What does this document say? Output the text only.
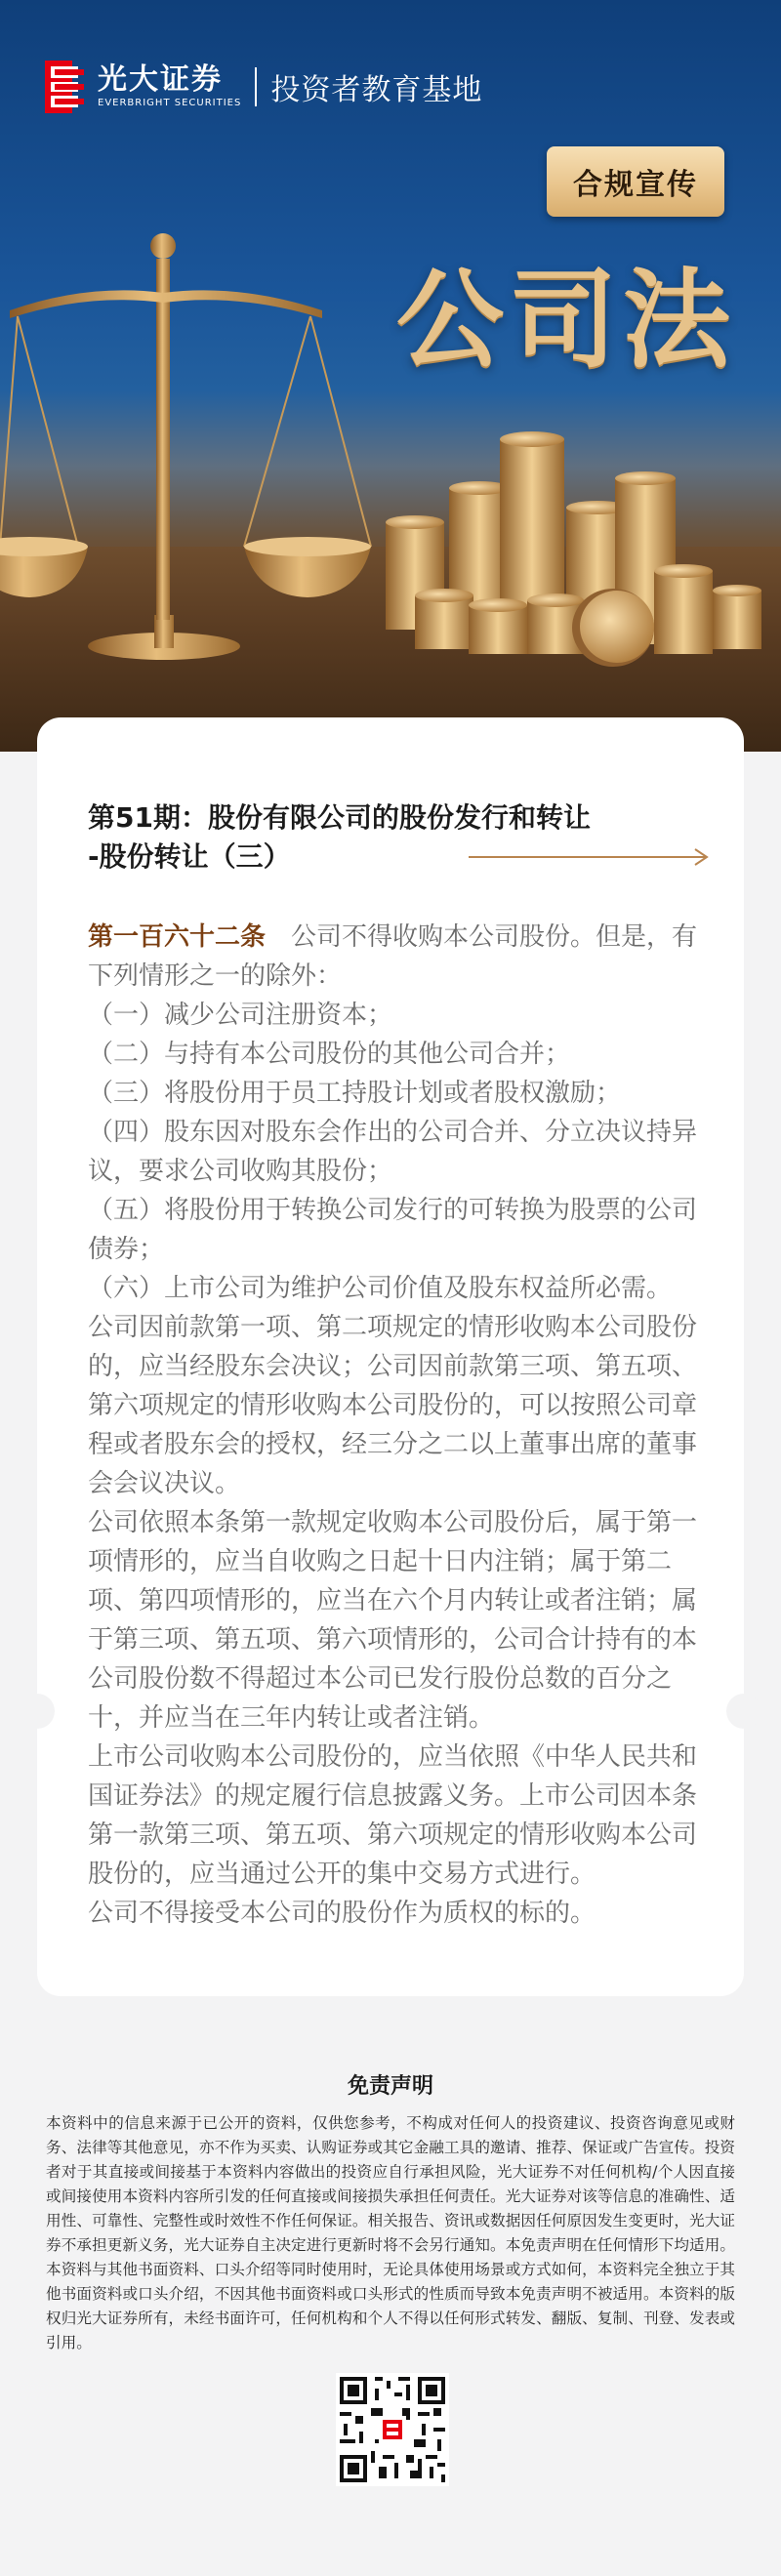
光大证券
EVERBRIGHT SECURITIES 投资者教育基地
合规宣传
公司法
第51期：股份有限公司的股份发行和转让
-股份转让（三）

第一百六十二条 公司不得收购本公司股份。但是，有下列情形之一的除外：

（一）减少公司注册资本；

（二）与持有本公司股份的其他公司合并；

（三）将股份用于员工持股计划或者股权激励；

（四）股东因对股东会作出的公司合并、分立决议持异议，要求公司收购其股份；

（五）将股份用于转换公司发行的可转换为股票的公司债券；

（六）上市公司为维护公司价值及股东权益所必需。

公司因前款第一项、第二项规定的情形收购本公司股份的，应当经股东会决议；公司因前款第三项、第五项、第六项规定的情形收购本公司股份的，可以按照公司章程或者股东会的授权，经三分之二以上董事出席的董事会会议决议。

公司依照本条第一款规定收购本公司股份后，属于第一项情形的，应当自收购之日起十日内注销；属于第二项、第四项情形的，应当在六个月内转让或者注销；属于第三项、第五项、第六项情形的，公司合计持有的本公司股份数不得超过本公司已发行股份总数的百分之十，并应当在三年内转让或者注销。

上市公司收购本公司股份的，应当依照《中华人民共和国证券法》的规定履行信息披露义务。上市公司因本条第一款第三项、第五项、第六项规定的情形收购本公司股份的，应当通过公开的集中交易方式进行。

公司不得接受本公司的股份作为质权的标的。

免责声明
本资料中的信息来源于已公开的资料，仅供您参考，不构成对任何人的投资建议、投资咨询意见或财务、法律等其他意见，亦不作为买卖、认购证券或其它金融工具的邀请、推荐、保证或广告宣传。投资者对于其直接或间接基于本资料内容做出的投资应自行承担风险，光大证券不对任何机构/个人因直接或间接使用本资料内容所引发的任何直接或间接损失承担任何责任。光大证券对该等信息的准确性、适用性、可靠性、完整性或时效性不作任何保证。相关报告、资讯或数据因任何原因发生变更时，光大证券不承担更新义务，光大证券自主决定进行更新时将不会另行通知。本免责声明在任何情形下均适用。本资料与其他书面资料、口头介绍等同时使用时，无论具体使用场景或方式如何，本资料完全独立于其他书面资料或口头介绍，不因其他书面资料或口头形式的性质而导致本免责声明不被适用。本资料的版权归光大证券所有，未经书面许可，任何机构和个人不得以任何形式转发、翻版、复制、刊登、发表或引用。
